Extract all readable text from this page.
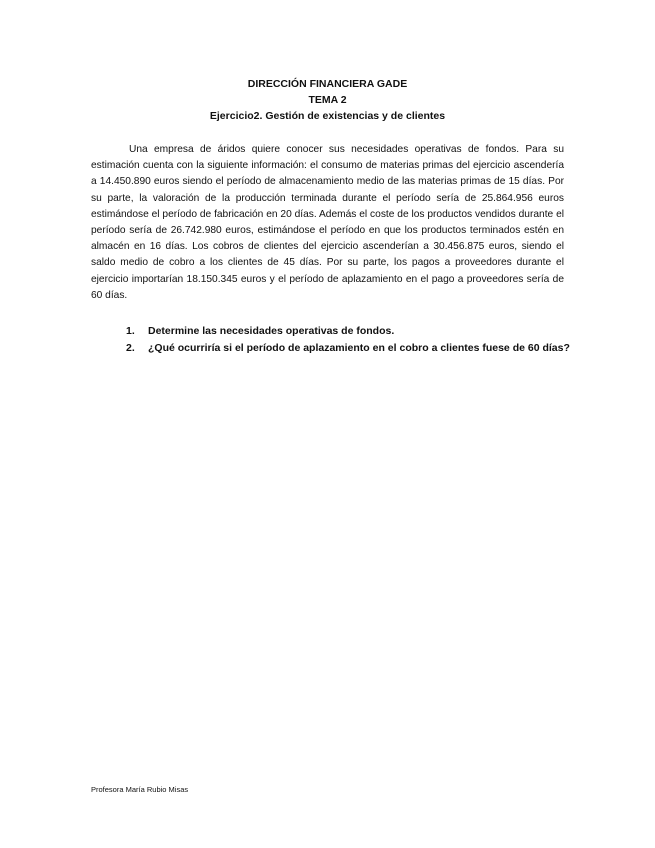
DIRECCIÓN FINANCIERA GADE
TEMA 2
Ejercicio2. Gestión de existencias y de clientes

Una empresa de áridos quiere conocer sus necesidades operativas de fondos. Para su estimación cuenta con la siguiente información: el consumo de materias primas del ejercicio ascendería a 14.450.890 euros siendo el período de almacenamiento medio de las materias primas de 15 días. Por su parte, la valoración de la producción terminada durante el período sería de 25.864.956 euros estimándose el período de fabricación en 20 días. Además el coste de los productos vendidos durante el período sería de 26.742.980 euros, estimándose el período en que los productos terminados estén en almacén en 16 días. Los cobros de clientes del ejercicio ascenderían a 30.456.875 euros, siendo el saldo medio de cobro a los clientes de 45 días. Por su parte, los pagos a proveedores durante el ejercicio importarían 18.150.345 euros y el período de aplazamiento en el pago a proveedores sería de 60 días.

1.	Determine las necesidades operativas de fondos.
2.	¿Qué ocurriría si el período de aplazamiento en el cobro a clientes fuese de 60 días?
Profesora María Rubio Misas
